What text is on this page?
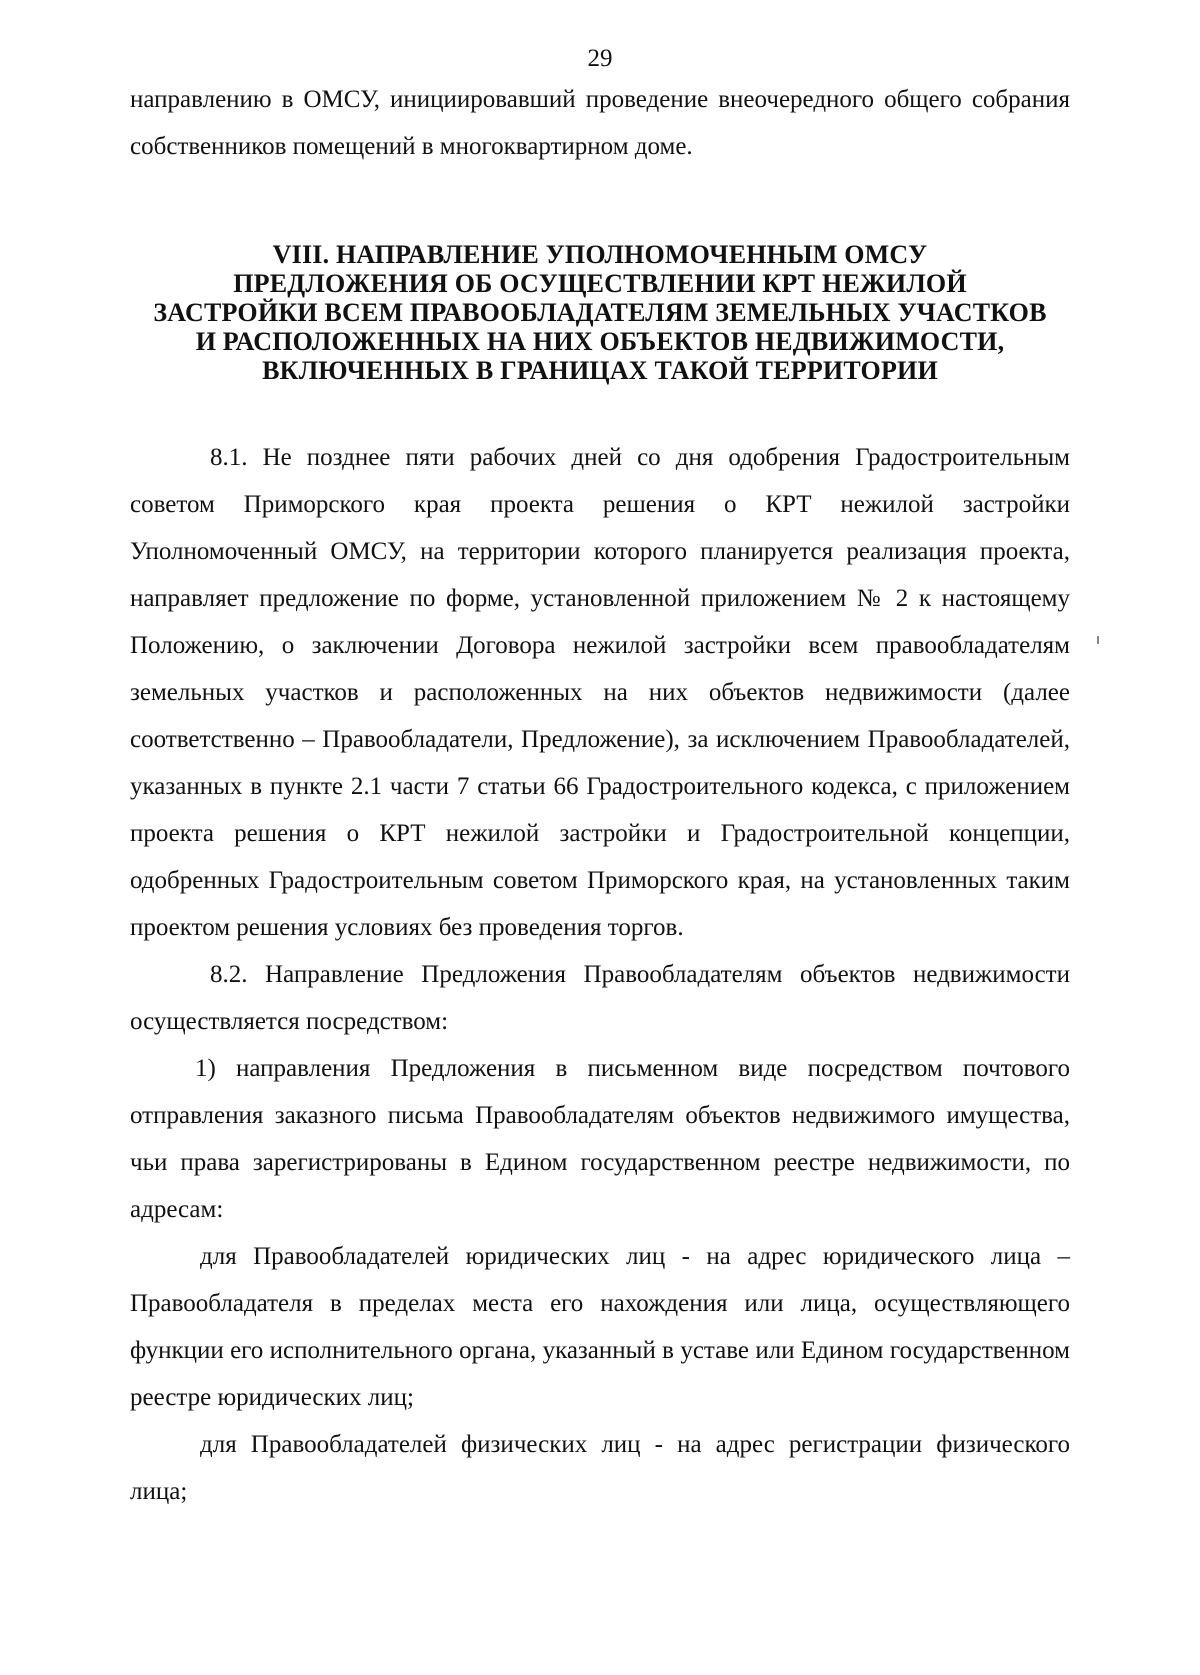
29

направлению в ОМСУ, инициировавший проведение внеочередного общего собрания собственников помещений в многоквартирном доме.

VIII. НАПРАВЛЕНИЕ УПОЛНОМОЧЕННЫМ ОМСУ
ПРЕДЛОЖЕНИЯ ОБ ОСУЩЕСТВЛЕНИИ КРТ НЕЖИЛОЙ
ЗАСТРОЙКИ ВСЕМ ПРАВООБЛАДАТЕЛЯМ ЗЕМЕЛЬНЫХ УЧАСТКОВ
И РАСПОЛОЖЕННЫХ НА НИХ ОБЪЕКТОВ НЕДВИЖИМОСТИ,
ВКЛЮЧЕННЫХ В ГРАНИЦАХ ТАКОЙ ТЕРРИТОРИИ

8.1. Не позднее пяти рабочих дней со дня одобрения Градостроительным советом Приморского края проекта решения о КРТ нежилой застройки Уполномоченный ОМСУ, на территории которого планируется реализация проекта, направляет предложение по форме, установленной приложением № 2 к настоящему Положению, о заключении Договора нежилой застройки всем правообладателям земельных участков и расположенных на них объектов недвижимости (далее соответственно – Правообладатели, Предложение), за исключением Правообладателей, указанных в пункте 2.1 части 7 статьи 66 Градостроительного кодекса, с приложением проекта решения о КРТ нежилой застройки и Градостроительной концепции, одобренных Градостроительным советом Приморского края, на установленных таким проектом решения условиях без проведения торгов.

8.2. Направление Предложения Правообладателям объектов недвижимости осуществляется посредством:

1) направления Предложения в письменном виде посредством почтового отправления заказного письма Правообладателям объектов недвижимого имущества, чьи права зарегистрированы в Едином государственном реестре недвижимости, по адресам:

для Правообладателей юридических лиц - на адрес юридического лица – Правообладателя в пределах места его нахождения или лица, осуществляющего функции его исполнительного органа, указанный в уставе или Едином государственном реестре юридических лиц;

для Правообладателей физических лиц - на адрес регистрации физического лица;
